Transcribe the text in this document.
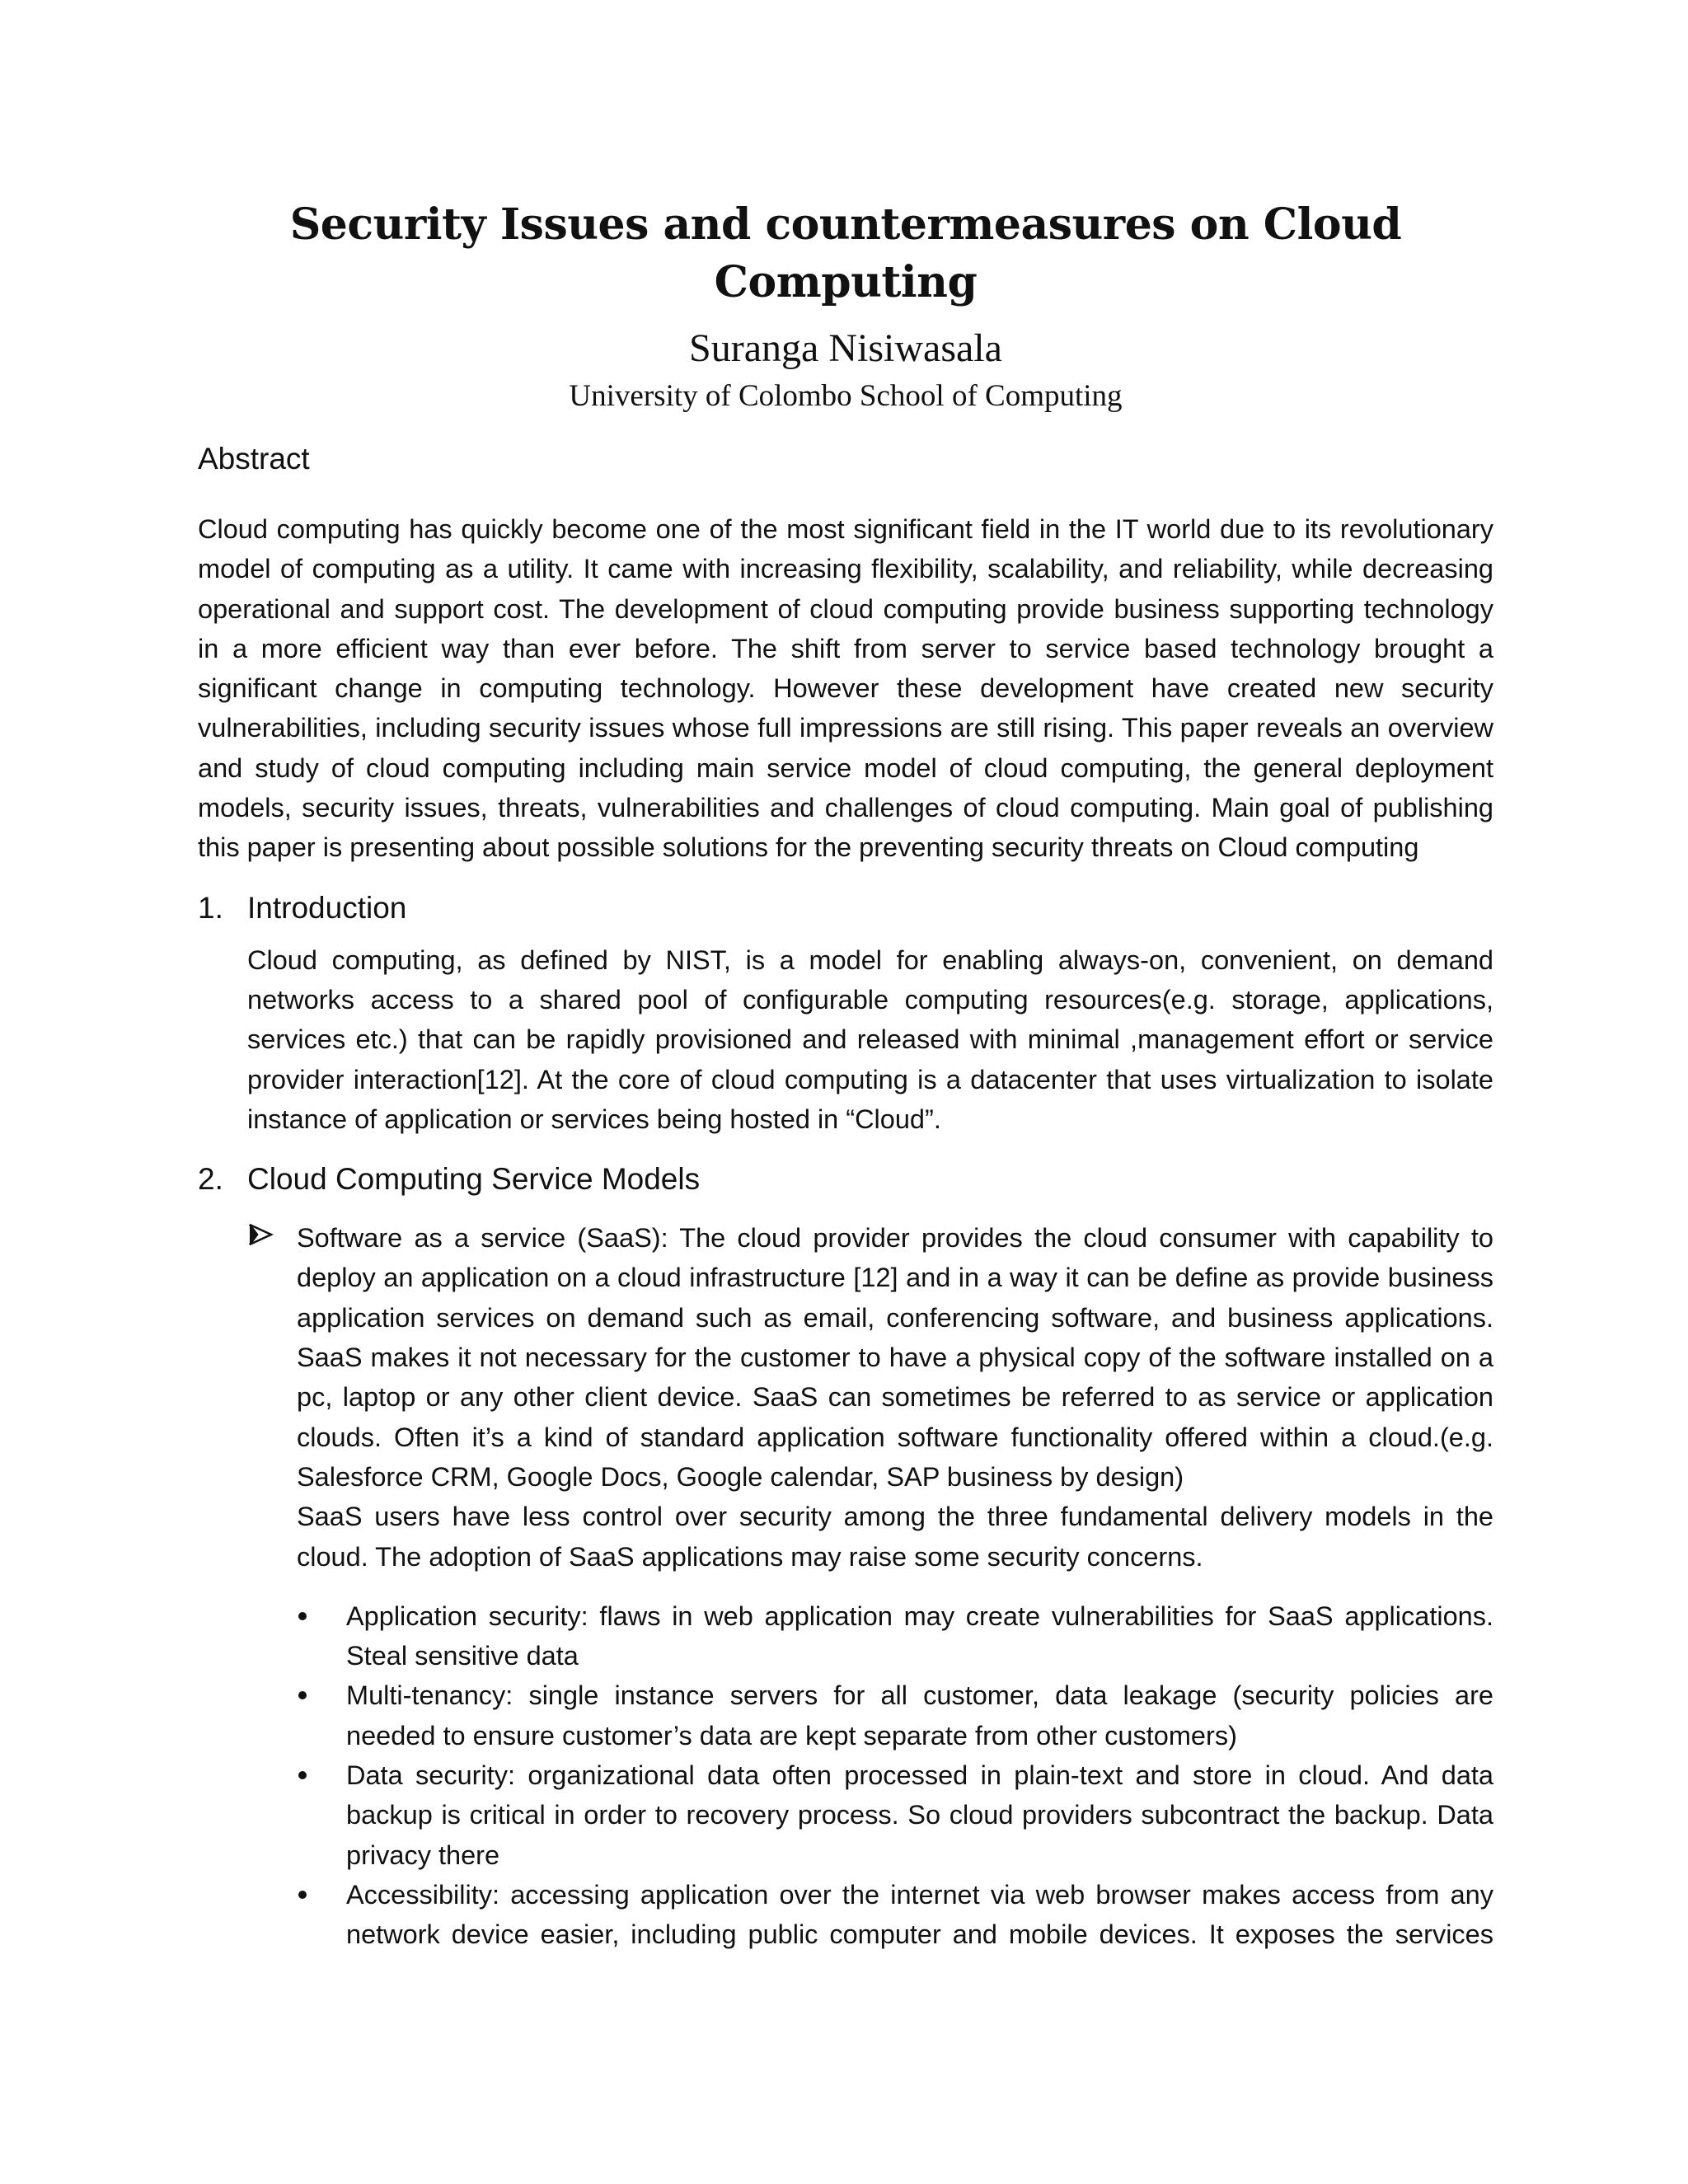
Security Issues and countermeasures on Cloud Computing
Suranga Nisiwasala
University of Colombo School of Computing
Abstract

Cloud computing has quickly become one of the most significant field in the IT world due to its revolutionary model of computing as a utility. It came with increasing flexibility, scalability, and reliability, while decreasing operational and support cost. The development of cloud computing provide business supporting technology in a more efficient way than ever before. The shift from server to service based technology brought a significant change in computing technology. However these development have created new security vulnerabilities, including security issues whose full impressions are still rising. This paper reveals an overview and study of cloud computing including main service model of cloud computing, the general deployment models, security issues, threats, vulnerabilities and challenges of cloud computing. Main goal of publishing this paper is presenting about possible solutions for the preventing security threats on Cloud computing

1. Introduction

Cloud computing, as defined by NIST, is a model for enabling always-on, convenient, on demand networks access to a shared pool of configurable computing resources(e.g. storage, applications, services etc.) that can be rapidly provisioned and released with minimal ,management effort or service provider interaction[12]. At the core of cloud computing is a datacenter that uses virtualization to isolate instance of application or services being hosted in “Cloud”.

2. Cloud Computing Service Models

Software as a service (SaaS): The cloud provider provides the cloud consumer with capability to deploy an application on a cloud infrastructure [12] and in a way it can be define as provide business application services on demand such as email, conferencing software, and business applications. SaaS makes it not necessary for the customer to have a physical copy of the software installed on a pc, laptop or any other client device. SaaS can sometimes be referred to as service or application clouds. Often it’s a kind of standard application software functionality offered within a cloud.(e.g. Salesforce CRM, Google Docs, Google calendar, SAP business by design)

SaaS users have less control over security among the three fundamental delivery models in the cloud. The adoption of SaaS applications may raise some security concerns.

Application security: flaws in web application may create vulnerabilities for SaaS applications. Steal sensitive data
Multi-tenancy: single instance servers for all customer, data leakage (security policies are needed to ensure customer’s data are kept separate from other customers)
Data security: organizational data often processed in plain-text and store in cloud. And data backup is critical in order to recovery process. So cloud providers subcontract the backup. Data privacy there
Accessibility: accessing application over the internet via web browser makes access from any network device easier, including public computer and mobile devices. It exposes the services
